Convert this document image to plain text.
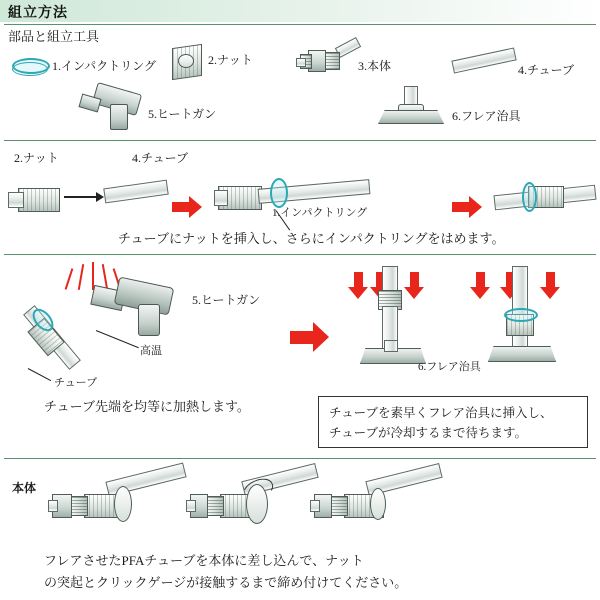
組立方法
部品と組立工具
1.インパクトリング	2.ナット	3.本体	4.チューブ
5.ヒートガン	6.フレア治具
2.ナット	4.チューブ
1.インパクトリング
チューブにナットを挿入し、さらにインパクトリングをはめます。
5.ヒートガン
高温
チューブ
チューブ先端を均等に加熱します。
6.フレア治具
チューブを素早くフレア治具に挿入し、
チューブが冷却するまで待ちます。
本体
フレアさせたPFAチューブを本体に差し込んで、ナット
の突起とクリックゲージが接触するまで締め付けてください。
